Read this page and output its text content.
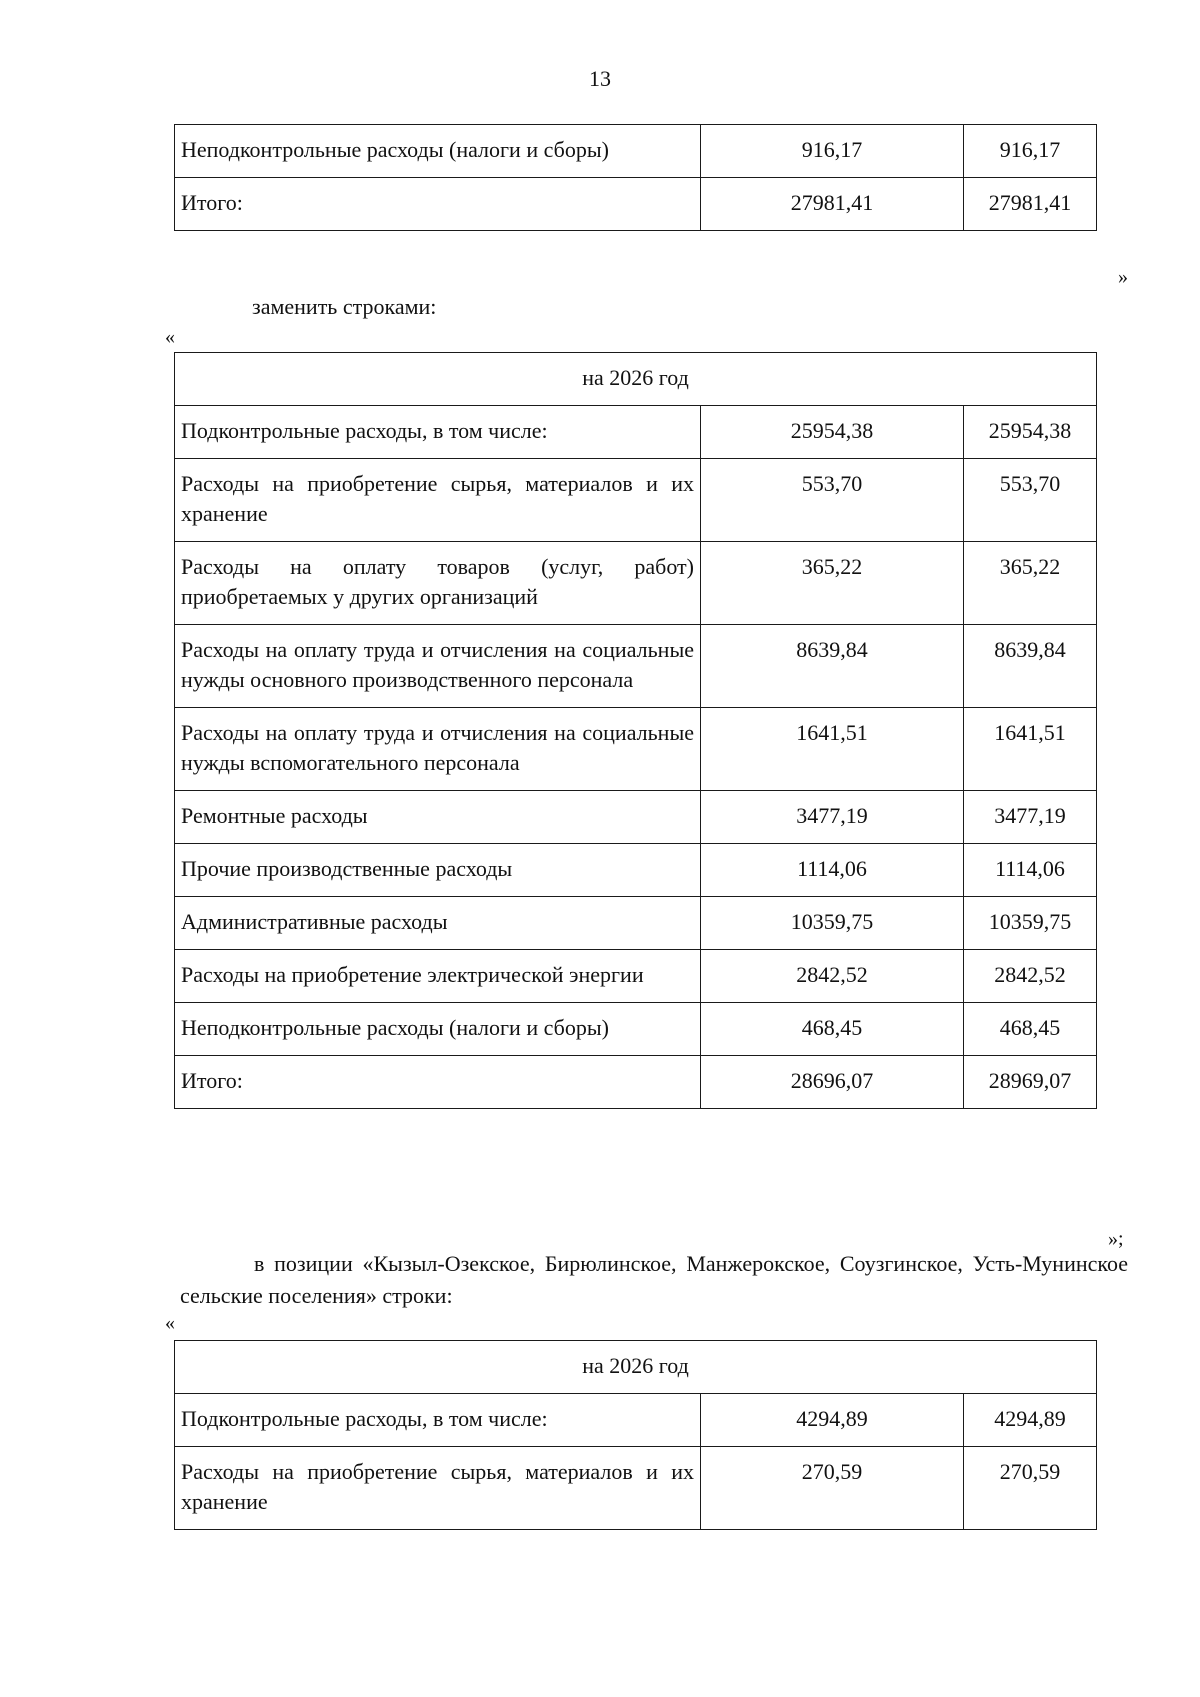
13
Неподконтрольные расходы (налоги и сборы)	916,17	916,17
Итого:	27981,41	27981,41
»
заменить строками:
«
на 2026 год		
Подконтрольные расходы, в том числе:	25954,38	25954,38
Расходы на приобретение сырья, материалов и их хранение	553,70	553,70
Расходы на оплату товаров (услуг, работ) приобретаемых у других организаций	365,22	365,22
Расходы на оплату труда и отчисления на социальные нужды основного производственного персонала	8639,84	8639,84
Расходы на оплату труда и отчисления на социальные нужды вспомогательного персонала	1641,51	1641,51
Ремонтные расходы	3477,19	3477,19
Прочие производственные расходы	1114,06	1114,06
Административные расходы	10359,75	10359,75
Расходы на приобретение электрической энергии	2842,52	2842,52
Неподконтрольные расходы (налоги и сборы)	468,45	468,45
Итого:	28696,07	28969,07
»;
в позиции «Кызыл-Озекское, Бирюлинское, Манжерокское, Соузгинское, Усть-Мунинское сельские поселения» строки:
«
на 2026 год		
Подконтрольные расходы, в том числе:	4294,89	4294,89
Расходы на приобретение сырья, материалов и их хранение	270,59	270,59
